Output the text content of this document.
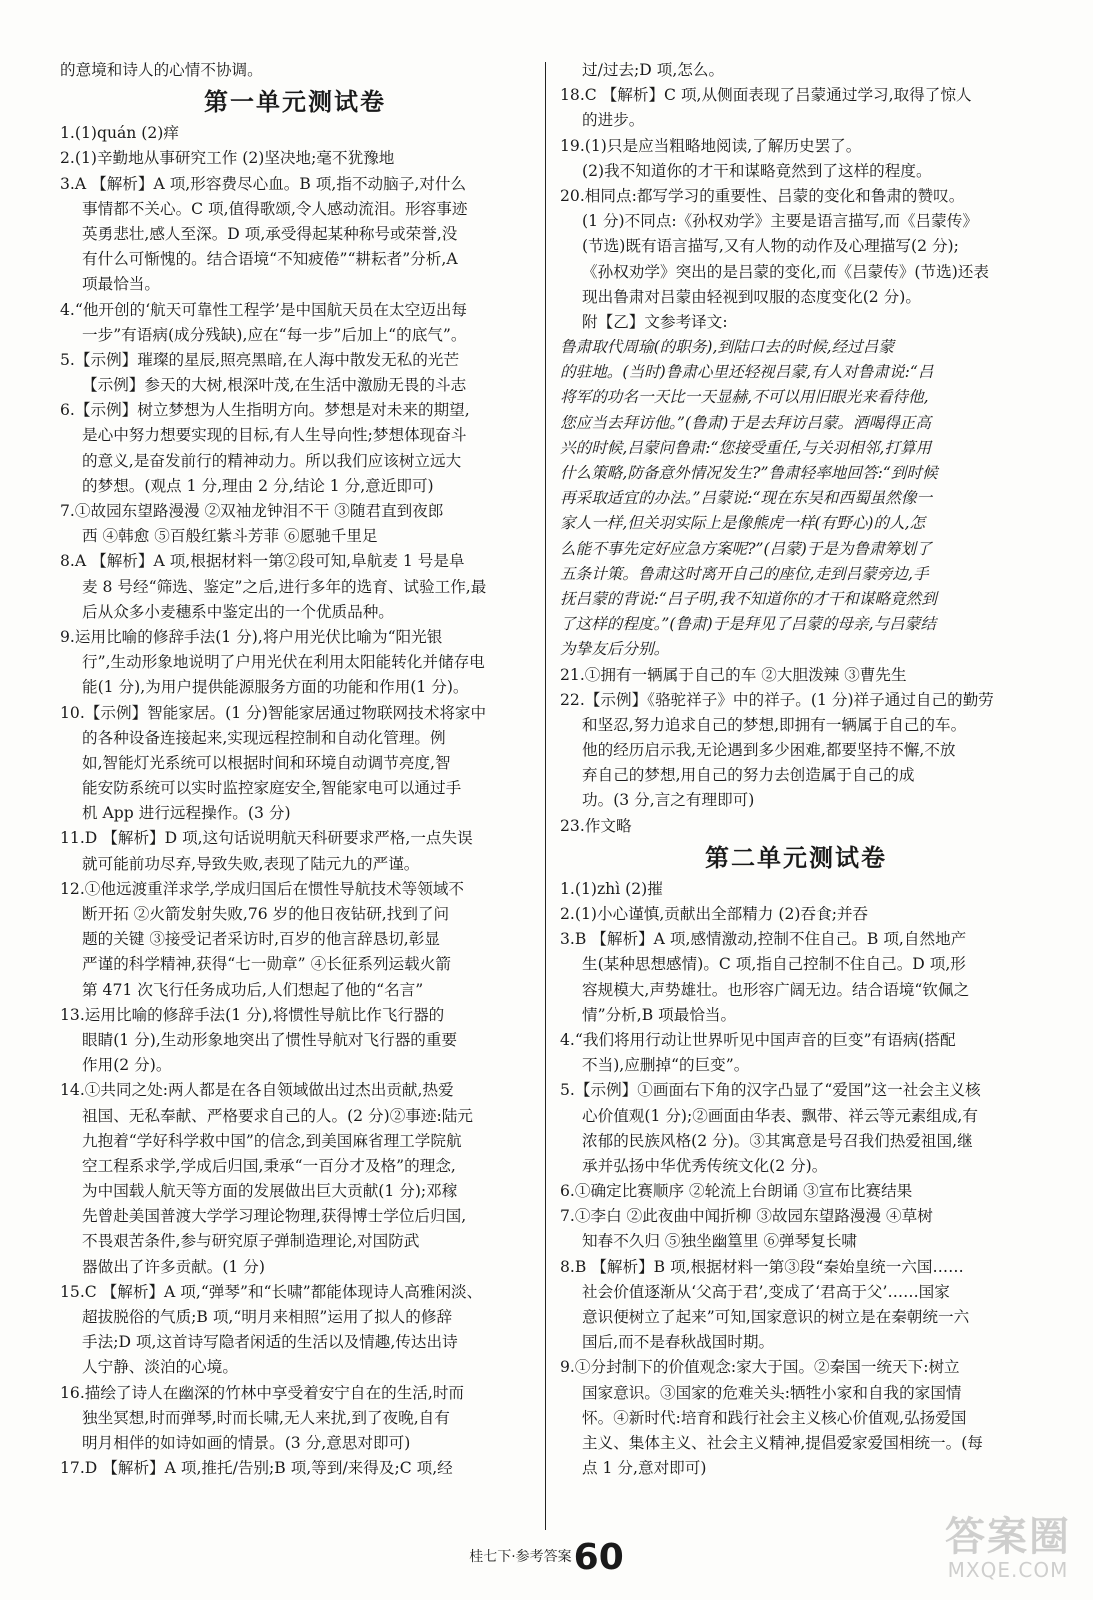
的意境和诗人的心情不协调。
第一单元测试卷
1.(1)quán (2)痒
2.(1)辛勤地从事研究工作 (2)坚决地;毫不犹豫地
3.A 【解析】A 项,形容费尽心血。B 项,指不动脑子,对什么
事情都不关心。C 项,值得歌颂,令人感动流泪。形容事迹
英勇悲壮,感人至深。D 项,承受得起某种称号或荣誉,没
有什么可惭愧的。结合语境“不知疲倦”“耕耘者”分析,A
项最恰当。
4.“他开创的‘航天可靠性工程学’是中国航天员在太空迈出每
一步”有语病(成分残缺),应在“每一步”后加上“的底气”。
5.【示例】璀璨的星辰,照亮黑暗,在人海中散发无私的光芒
【示例】参天的大树,根深叶茂,在生活中激励无畏的斗志
6.【示例】树立梦想为人生指明方向。梦想是对未来的期望,
是心中努力想要实现的目标,有人生导向性;梦想体现奋斗
的意义,是奋发前行的精神动力。所以我们应该树立远大
的梦想。(观点 1 分,理由 2 分,结论 1 分,意近即可)
7.①故园东望路漫漫 ②双袖龙钟泪不干 ③随君直到夜郎
西 ④韩愈 ⑤百般红紫斗芳菲 ⑥愿驰千里足
8.A 【解析】A 项,根据材料一第②段可知,阜航麦 1 号是阜
麦 8 号经“筛选、鉴定”之后,进行多年的选育、试验工作,最
后从众多小麦穗系中鉴定出的一个优质品种。
9.运用比喻的修辞手法(1 分),将户用光伏比喻为“阳光银
行”,生动形象地说明了户用光伏在利用太阳能转化并储存电
能(1 分),为用户提供能源服务方面的功能和作用(1 分)。
10.【示例】智能家居。(1 分)智能家居通过物联网技术将家中
的各种设备连接起来,实现远程控制和自动化管理。例
如,智能灯光系统可以根据时间和环境自动调节亮度,智
能安防系统可以实时监控家庭安全,智能家电可以通过手
机 App 进行远程操作。(3 分)
11.D 【解析】D 项,这句话说明航天科研要求严格,一点失误
就可能前功尽弃,导致失败,表现了陆元九的严谨。
12.①他远渡重洋求学,学成归国后在惯性导航技术等领域不
断开拓 ②火箭发射失败,76 岁的他日夜钻研,找到了问
题的关键 ③接受记者采访时,百岁的他言辞恳切,彰显
严谨的科学精神,获得“七一勋章” ④长征系列运载火箭
第 471 次飞行任务成功后,人们想起了他的“名言”
13.运用比喻的修辞手法(1 分),将惯性导航比作飞行器的
眼睛(1 分),生动形象地突出了惯性导航对飞行器的重要
作用(2 分)。
14.①共同之处:两人都是在各自领域做出过杰出贡献,热爱
祖国、无私奉献、严格要求自己的人。(2 分)②事迹:陆元
九抱着“学好科学救中国”的信念,到美国麻省理工学院航
空工程系求学,学成后归国,秉承“一百分才及格”的理念,
为中国载人航天等方面的发展做出巨大贡献(1 分);邓稼
先曾赴美国普渡大学学习理论物理,获得博士学位后归国,
不畏艰苦条件,参与研究原子弹制造理论,对国防武
器做出了许多贡献。(1 分)
15.C 【解析】A 项,“弹琴”和“长啸”都能体现诗人高雅闲淡、
超拔脱俗的气质;B 项,“明月来相照”运用了拟人的修辞
手法;D 项,这首诗写隐者闲适的生活以及情趣,传达出诗
人宁静、淡泊的心境。
16.描绘了诗人在幽深的竹林中享受着安宁自在的生活,时而
独坐冥想,时而弹琴,时而长啸,无人来扰,到了夜晚,自有
明月相伴的如诗如画的情景。(3 分,意思对即可)
17.D 【解析】A 项,推托/告别;B 项,等到/来得及;C 项,经
过/过去;D 项,怎么。
18.C 【解析】C 项,从侧面表现了吕蒙通过学习,取得了惊人
的进步。
19.(1)只是应当粗略地阅读,了解历史罢了。
(2)我不知道你的才干和谋略竟然到了这样的程度。
20.相同点:都写学习的重要性、吕蒙的变化和鲁肃的赞叹。
(1 分)不同点:《孙权劝学》主要是语言描写,而《吕蒙传》
(节选)既有语言描写,又有人物的动作及心理描写(2 分);
《孙权劝学》突出的是吕蒙的变化,而《吕蒙传》(节选)还表
现出鲁肃对吕蒙由轻视到叹服的态度变化(2 分)。
附【乙】文参考译文:
鲁肃取代周瑜(的职务),到陆口去的时候,经过吕蒙
的驻地。(当时)鲁肃心里还轻视吕蒙,有人对鲁肃说:“吕
将军的功名一天比一天显赫,不可以用旧眼光来看待他,
您应当去拜访他。”(鲁肃)于是去拜访吕蒙。酒喝得正高
兴的时候,吕蒙问鲁肃:“您接受重任,与关羽相邻,打算用
什么策略,防备意外情况发生?”鲁肃轻率地回答:“到时候
再采取适宜的办法。”吕蒙说:“现在东吴和西蜀虽然像一
家人一样,但关羽实际上是像熊虎一样(有野心)的人,怎
么能不事先定好应急方案呢?”(吕蒙)于是为鲁肃筹划了
五条计策。鲁肃这时离开自己的座位,走到吕蒙旁边,手
抚吕蒙的背说:“吕子明,我不知道你的才干和谋略竟然到
了这样的程度。”(鲁肃)于是拜见了吕蒙的母亲,与吕蒙结
为挚友后分别。
21.①拥有一辆属于自己的车 ②大胆泼辣 ③曹先生
22.【示例】《骆驼祥子》中的祥子。(1 分)祥子通过自己的勤劳
和坚忍,努力追求自己的梦想,即拥有一辆属于自己的车。
他的经历启示我,无论遇到多少困难,都要坚持不懈,不放
弃自己的梦想,用自己的努力去创造属于自己的成
功。(3 分,言之有理即可)
23.作文略
第二单元测试卷
1.(1)zhì (2)摧
2.(1)小心谨慎,贡献出全部精力 (2)吞食;并吞
3.B 【解析】A 项,感情激动,控制不住自己。B 项,自然地产
生(某种思想感情)。C 项,指自己控制不住自己。D 项,形
容规模大,声势雄壮。也形容广阔无边。结合语境“钦佩之
情”分析,B 项最恰当。
4.“我们将用行动让世界听见中国声音的巨变”有语病(搭配
不当),应删掉“的巨变”。
5.【示例】①画面右下角的汉字凸显了“爱国”这一社会主义核
心价值观(1 分);②画面由华表、飘带、祥云等元素组成,有
浓郁的民族风格(2 分)。③其寓意是号召我们热爱祖国,继
承并弘扬中华优秀传统文化(2 分)。
6.①确定比赛顺序 ②轮流上台朗诵 ③宣布比赛结果
7.①李白 ②此夜曲中闻折柳 ③故园东望路漫漫 ④草树
知春不久归 ⑤独坐幽篁里 ⑥弹琴复长啸
8.B 【解析】B 项,根据材料一第③段“秦始皇统一六国……
社会价值逐渐从‘父高于君’,变成了‘君高于父’……国家
意识便树立了起来”可知,国家意识的树立是在秦朝统一六
国后,而不是春秋战国时期。
9.①分封制下的价值观念:家大于国。②秦国一统天下:树立
国家意识。③国家的危难关头:牺牲小家和自我的家国情
怀。④新时代:培育和践行社会主义核心价值观,弘扬爱国
主义、集体主义、社会主义精神,提倡爱家爱国相统一。(每
点 1 分,意对即可)
桂七下·参考答案60	答案圈
MXQE.COM
